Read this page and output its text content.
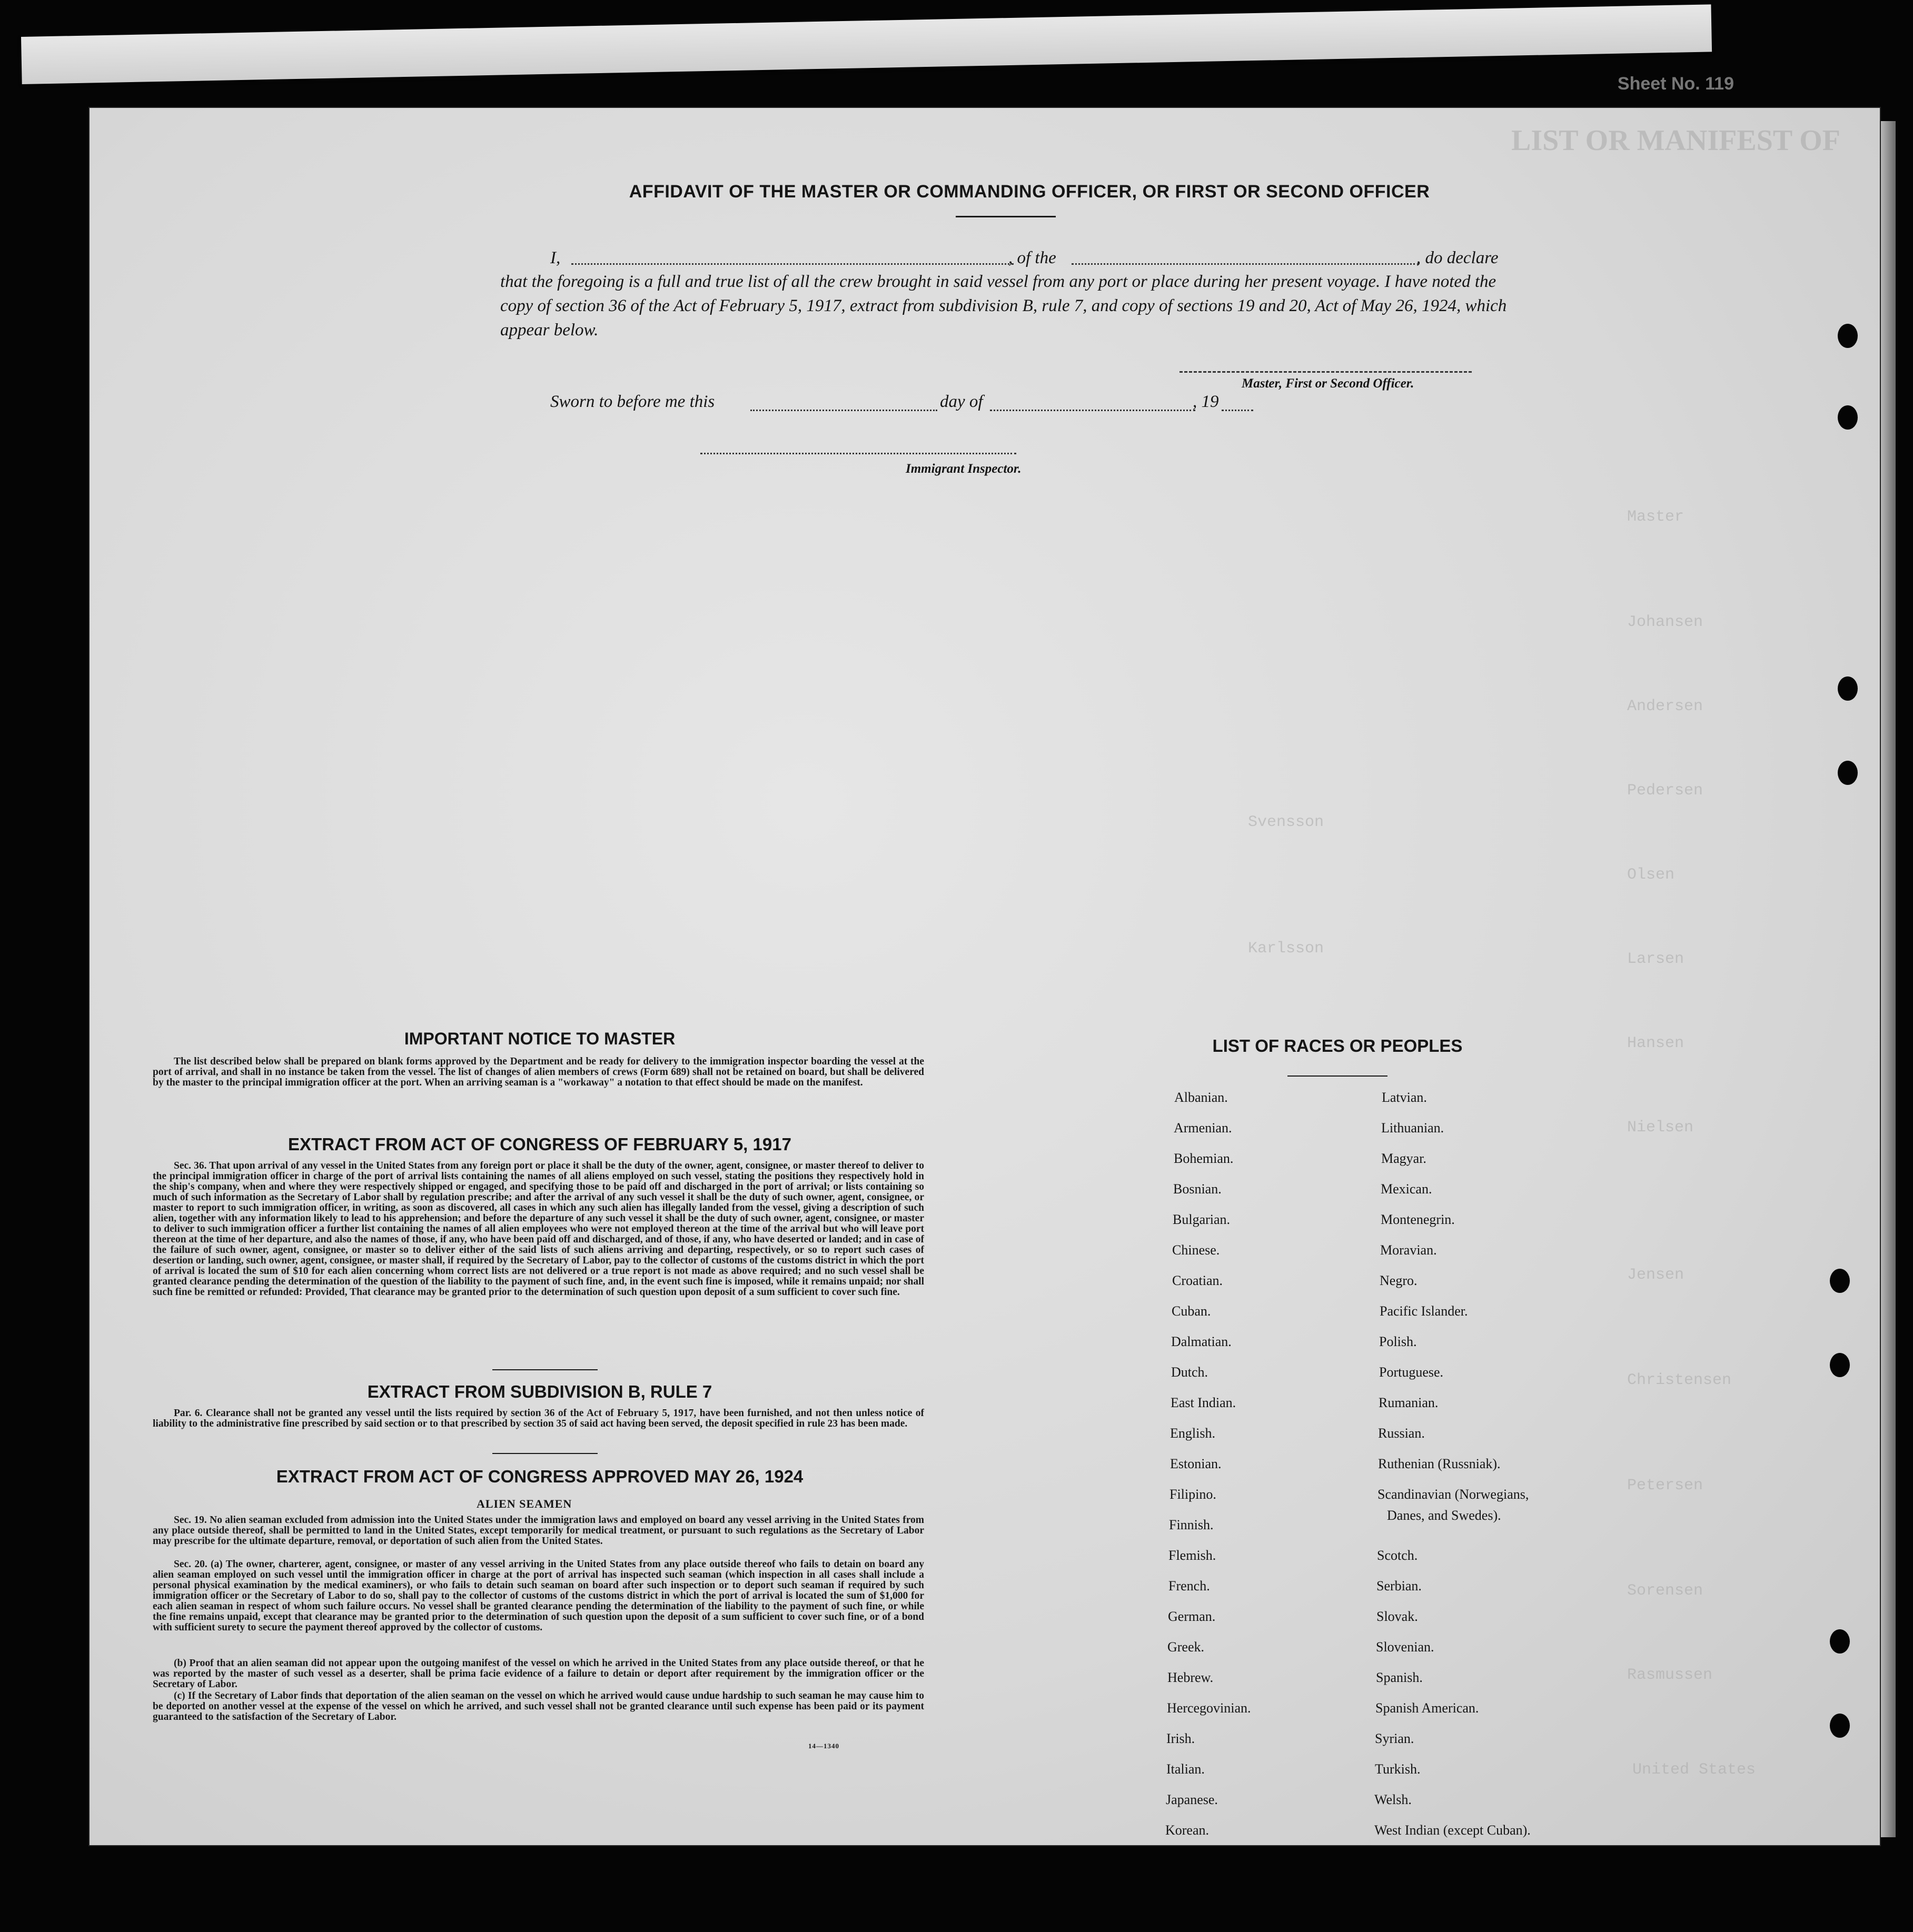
Sheet No. 119
LIST OR MANIFEST OF
Master
Johansen
Andersen
Pedersen
Olsen
Larsen
Hansen
Nielsen
Jensen
Christensen
Petersen
Sorensen
Rasmussen
Svensson
Karlsson
United States
AFFIDAVIT OF THE MASTER OR COMMANDING OFFICER, OR FIRST OR SECOND OFFICER
I,	, of the	, do declare
that the foregoing is a full and true list of all the crew brought in said vessel from any port or place during her present voyage. I have noted the copy of section 36 of the Act of February 5, 1917, extract from subdivision B, rule 7, and copy of sections 19 and 20, Act of May 26, 1924, which appear below.
Master, First or Second Officer.
Sworn to before me this	day of	, 19
Immigrant Inspector.
IMPORTANT NOTICE TO MASTER
The list described below shall be prepared on blank forms approved by the Department and be ready for delivery to the immigration inspector boarding the vessel at the port of arrival, and shall in no instance be taken from the vessel. The list of changes of alien members of crews (Form 689) shall not be retained on board, but shall be delivered by the master to the principal immigration officer at the port. When an arriving seaman is a "workaway" a notation to that effect should be made on the manifest.
EXTRACT FROM ACT OF CONGRESS OF FEBRUARY 5, 1917
Sec. 36. That upon arrival of any vessel in the United States from any foreign port or place it shall be the duty of the owner, agent, consignee, or master thereof to deliver to the principal immigration officer in charge of the port of arrival lists containing the names of all aliens employed on such vessel, stating the positions they respectively hold in the ship's company, when and where they were respectively shipped or engaged, and specifying those to be paid off and discharged in the port of arrival; or lists containing so much of such information as the Secretary of Labor shall by regulation prescribe; and after the arrival of any such vessel it shall be the duty of such owner, agent, consignee, or master to report to such immigration officer, in writing, as soon as discovered, all cases in which any such alien has illegally landed from the vessel, giving a description of such alien, together with any information likely to lead to his apprehension; and before the departure of any such vessel it shall be the duty of such owner, agent, consignee, or master to deliver to such immigration officer a further list containing the names of all alien employees who were not employed thereon at the time of the arrival but who will leave port thereon at the time of her departure, and also the names of those, if any, who have been paid off and discharged, and of those, if any, who have deserted or landed; and in case of the failure of such owner, agent, consignee, or master so to deliver either of the said lists of such aliens arriving and departing, respectively, or so to report such cases of desertion or landing, such owner, agent, consignee, or master shall, if required by the Secretary of Labor, pay to the collector of customs of the customs district in which the port of arrival is located the sum of $10 for each alien concerning whom correct lists are not delivered or a true report is not made as above required; and no such vessel shall be granted clearance pending the determination of the question of the liability to the payment of such fine, and, in the event such fine is imposed, while it remains unpaid; nor shall such fine be remitted or refunded: Provided, That clearance may be granted prior to the determination of such question upon deposit of a sum sufficient to cover such fine.
EXTRACT FROM SUBDIVISION B, RULE 7
Par. 6. Clearance shall not be granted any vessel until the lists required by section 36 of the Act of February 5, 1917, have been furnished, and not then unless notice of liability to the administrative fine prescribed by said section or to that prescribed by section 35 of said act having been served, the deposit specified in rule 23 has been made.
EXTRACT FROM ACT OF CONGRESS APPROVED MAY 26, 1924
ALIEN SEAMEN
Sec. 19. No alien seaman excluded from admission into the United States under the immigration laws and employed on board any vessel arriving in the United States from any place outside thereof, shall be permitted to land in the United States, except temporarily for medical treatment, or pursuant to such regulations as the Secretary of Labor may prescribe for the ultimate departure, removal, or deportation of such alien from the United States.
Sec. 20. (a) The owner, charterer, agent, consignee, or master of any vessel arriving in the United States from any place outside thereof who fails to detain on board any alien seaman employed on such vessel until the immigration officer in charge at the port of arrival has inspected such seaman (which inspection in all cases shall include a personal physical examination by the medical examiners), or who fails to detain such seaman on board after such inspection or to deport such seaman if required by such immigration officer or the Secretary of Labor to do so, shall pay to the collector of customs of the customs district in which the port of arrival is located the sum of $1,000 for each alien seaman in respect of whom such failure occurs. No vessel shall be granted clearance pending the determination of the liability to the payment of such fine, or while the fine remains unpaid, except that clearance may be granted prior to the determination of such question upon the deposit of a sum sufficient to cover such fine, or of a bond with sufficient surety to secure the payment thereof approved by the collector of customs.
(b) Proof that an alien seaman did not appear upon the outgoing manifest of the vessel on which he arrived in the United States from any place outside thereof, or that he was reported by the master of such vessel as a deserter, shall be prima facie evidence of a failure to detain or deport after requirement by the immigration officer or the Secretary of Labor.
(c) If the Secretary of Labor finds that deportation of the alien seaman on the vessel on which he arrived would cause undue hardship to such seaman he may cause him to be deported on another vessel at the expense of the vessel on which he arrived, and such vessel shall not be granted clearance until such expense has been paid or its payment guaranteed to the satisfaction of the Secretary of Labor.
14—1340
LIST OF RACES OR PEOPLES
Albanian.
Armenian.
Bohemian.
Bosnian.
Bulgarian.
Chinese.
Croatian.
Cuban.
Dalmatian.
Dutch.
East Indian.
English.
Estonian.
Filipino.
Finnish.
Flemish.
French.
German.
Greek.
Hebrew.
Hercegovinian.
Irish.
Italian.
Japanese.
Korean.
Latvian.
Lithuanian.
Magyar.
Mexican.
Montenegrin.
Moravian.
Negro.
Pacific Islander.
Polish.
Portuguese.
Rumanian.
Russian.
Ruthenian (Russniak).
Scandinavian (Norwegians,
Scotch.
Serbian.
Slovak.
Slovenian.
Spanish.
Spanish American.
Syrian.
Turkish.
Welsh.
West Indian (except Cuban).
Danes, and Swedes).
